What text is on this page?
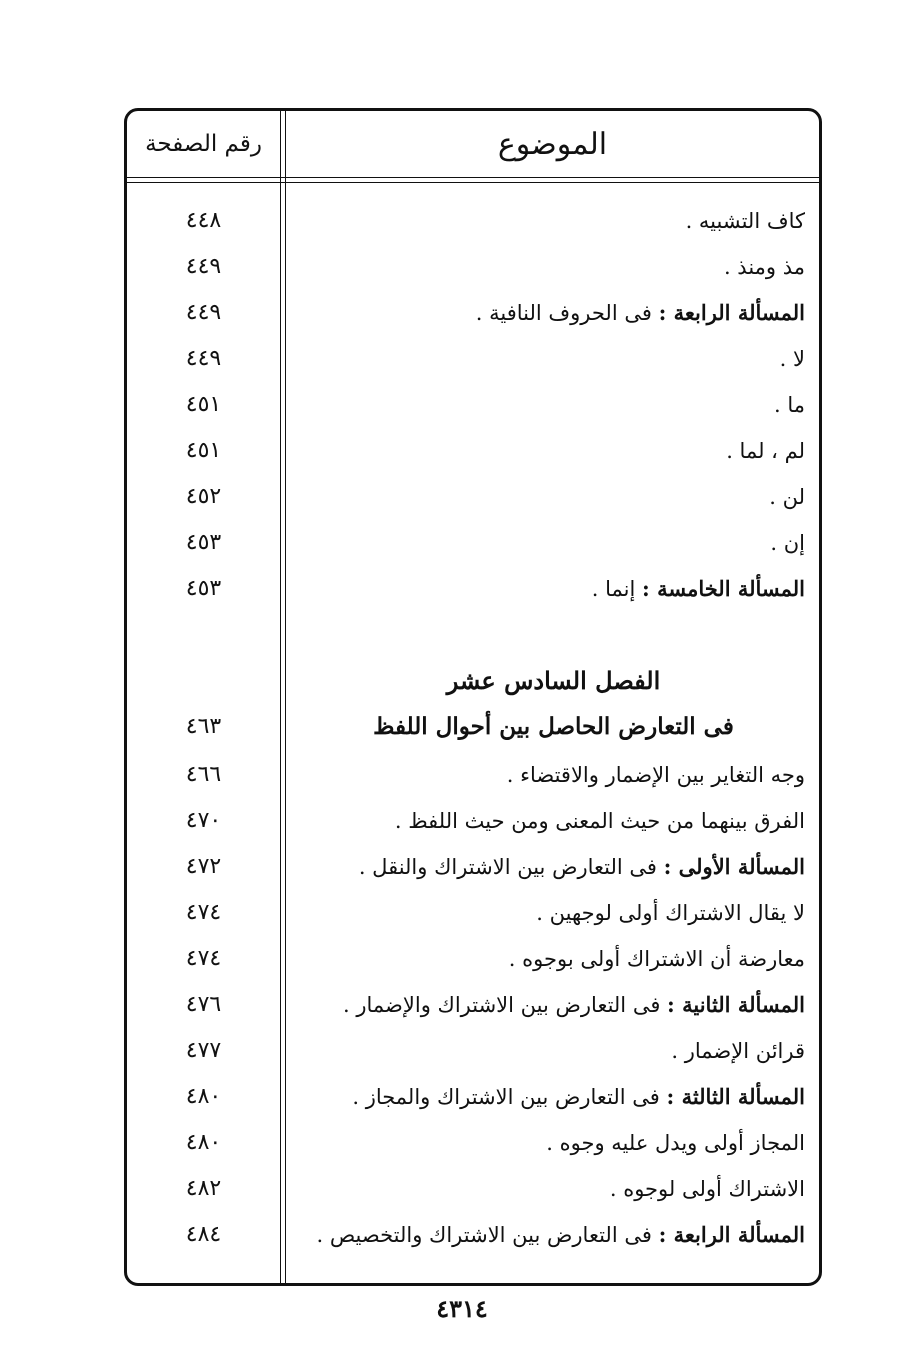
الموضوع
رقم الصفحة
كاف التشبيه .
٤٤٨
مذ ومنذ .
٤٤٩
المسألة الرابعة : فى الحروف النافية .
٤٤٩
لا .
٤٤٩
ما .
٤٥١
لم ، لما .
٤٥١
لن .
٤٥٢
إن .
٤٥٣
المسألة الخامسة : إنما .
٤٥٣
الفصل السادس عشر
فى التعارض الحاصل بين أحوال اللفظ
٤٦٣
وجه التغاير بين الإضمار والاقتضاء .
٤٦٦
الفرق بينهما من حيث المعنى ومن حيث اللفظ .
٤٧٠
المسألة الأولى : فى التعارض بين الاشتراك والنقل .
٤٧٢
لا يقال الاشتراك أولى لوجهين .
٤٧٤
معارضة أن الاشتراك أولى بوجوه .
٤٧٤
المسألة الثانية : فى التعارض بين الاشتراك والإضمار .
٤٧٦
قرائن الإضمار .
٤٧٧
المسألة الثالثة : فى التعارض بين الاشتراك والمجاز .
٤٨٠
المجاز أولى ويدل عليه وجوه .
٤٨٠
الاشتراك أولى لوجوه .
٤٨٢
المسألة الرابعة : فى التعارض بين الاشتراك والتخصيص .
٤٨٤
٤٣١٤
